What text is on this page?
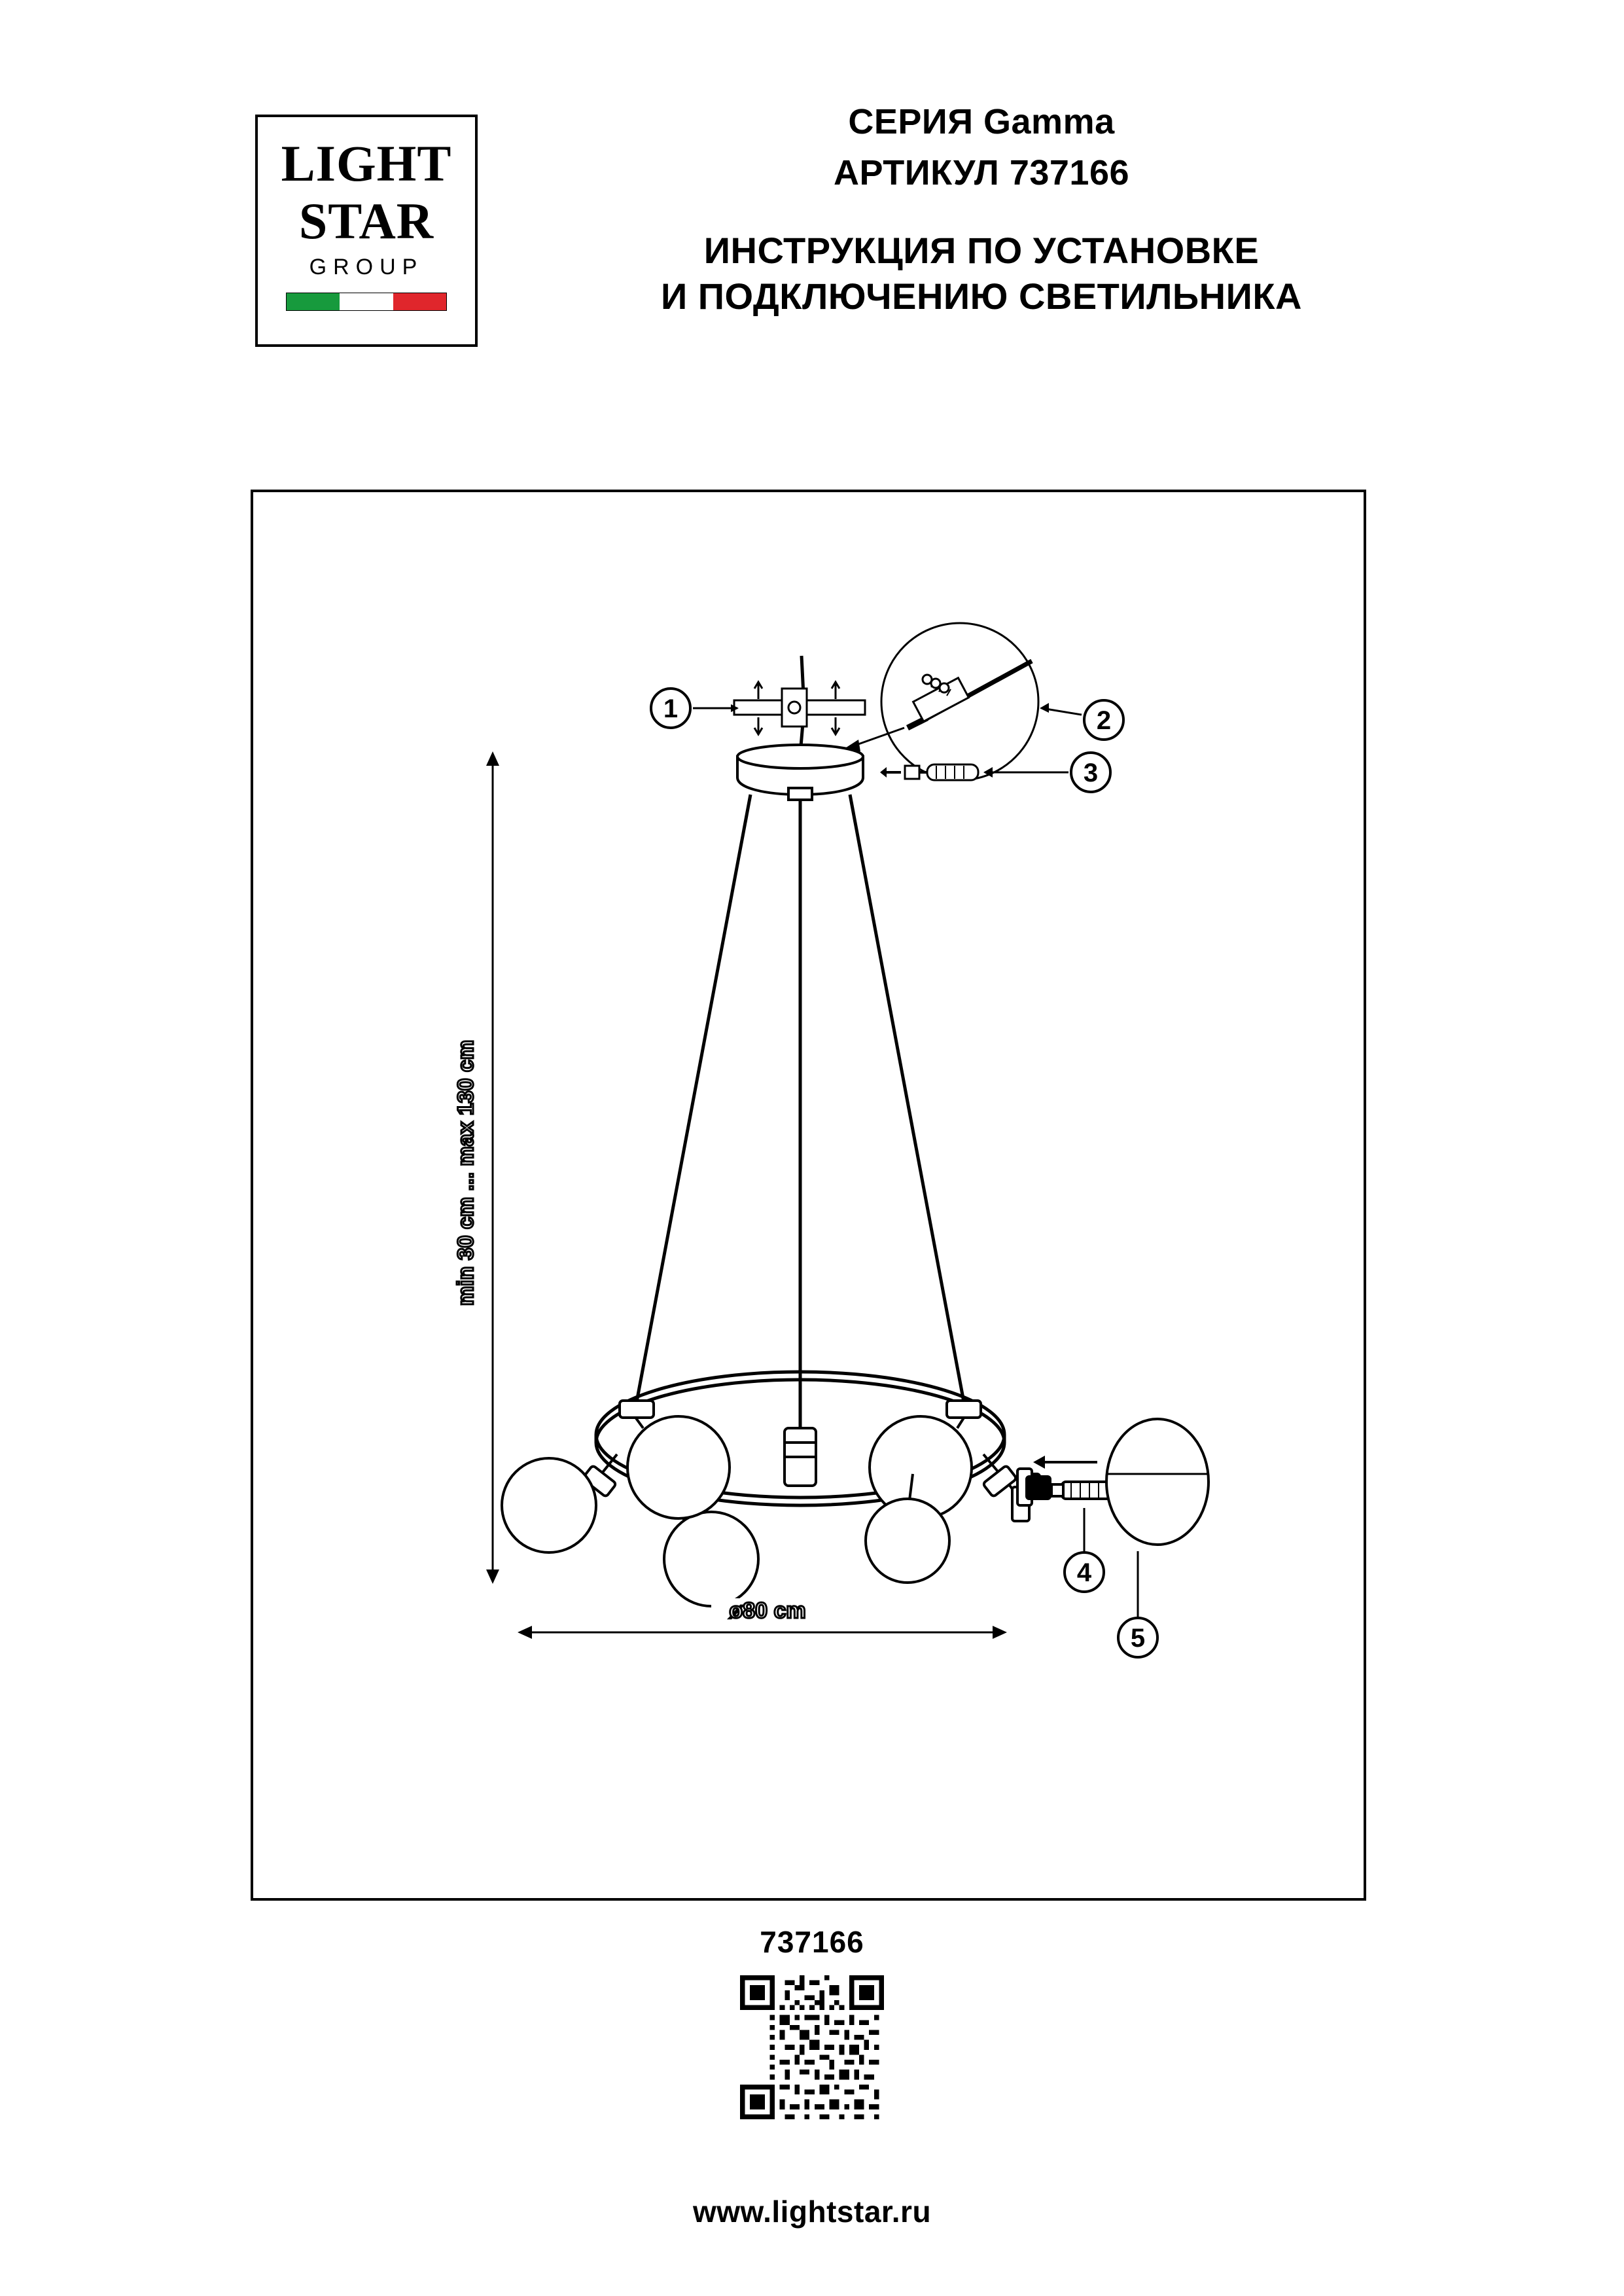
LIGHT
STAR
GROUP
СЕРИЯ Gamma
АРТИКУЛ 737166
ИНСТРУКЦИЯ ПО УСТАНОВКЕ
И ПОДКЛЮЧЕНИЮ СВЕТИЛЬНИКА
1	2
3
4
5
min 30 cm ... max 130 cm
ø80 cm
737166
www.lightstar.ru
